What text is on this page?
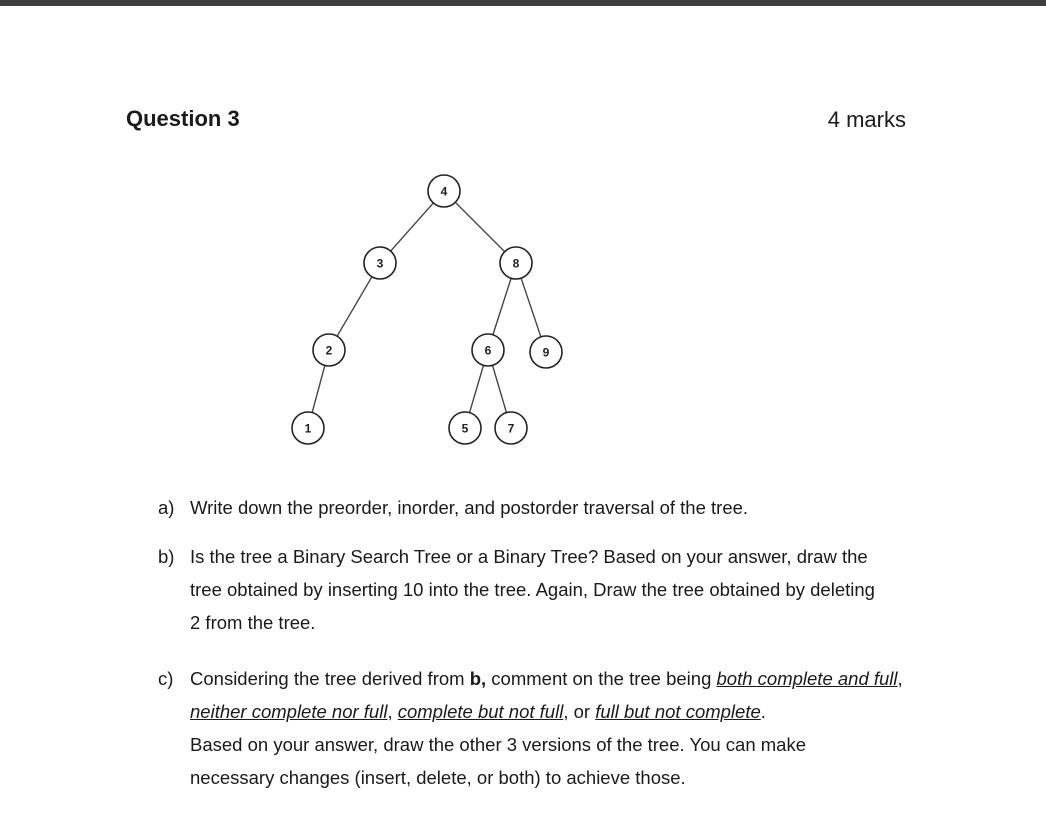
Question 3	4 marks
4
3	8
2	6	9
1	5	7
a) Write down the preorder, inorder, and postorder traversal of the tree.
b) Is the tree a Binary Search Tree or a Binary Tree? Based on your answer, draw the
tree obtained by inserting 10 into the tree. Again, Draw the tree obtained by deleting
2 from the tree.
c) Considering the tree derived from b, comment on the tree being both complete and full, neither complete nor full, complete but not full, or full but not complete.
Based on your answer, draw the other 3 versions of the tree. You can make
necessary changes (insert, delete, or both) to achieve those.
